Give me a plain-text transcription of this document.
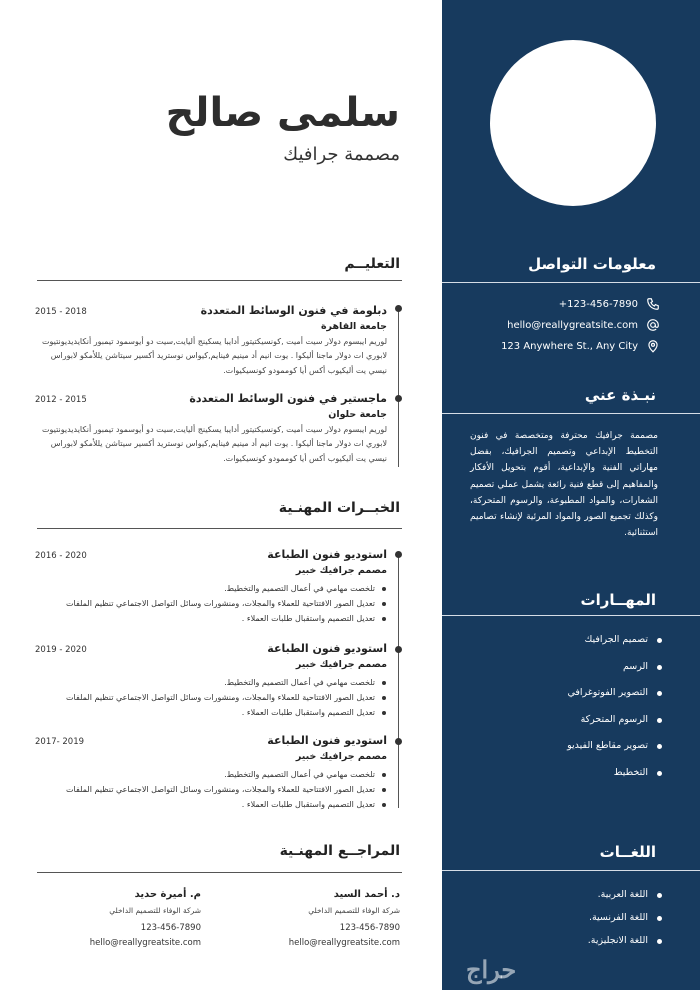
معلومات التواصل
+123-456-7890
hello@reallygreatsite.com
123 Anywhere St., Any City
نبـذة عني

مصممة جرافيك محترفة ومتخصصة في فنون التخطيط الإبداعي وتصميم الجرافيك، بفضل مهاراتي الفنية والإبداعية، أقوم بتحويل الأفكار والمفاهيم إلى قطع فنية رائعة يشمل عملي تصميم الشعارات، والمواد المطبوعة، والرسوم المتحركة، وكذلك تجميع الصور والمواد المرئية لإنشاء تصاميم استثنائية.

المهــارات
تصميم الجرافيك
الرسم
التصوير الفوتوغرافي
الرسوم المتحركة
تصوير مقاطع الفيديو
التخطيط
اللغــات
اللغة العربية.
اللغة الفرنسية.
اللغة الانجليزية.
حراج
سلمى صالح
مصممة جرافيك
التعليــم
دبلومة في فنون الوسائط المتعددة
2015 - 2018
جامعة القاهرة

لوريم ايبسوم دولار سيت أميت ,كونسيكتيتور أدايبا يسكينج أليايت,سيت دو أيوسمود تيمبور أنكايديديونتيوت لابوري ات دولار ماجنا أليكوا . يوت انيم أد مينيم فينايم,كيواس نوستريد أكسير سيتاشن يللأمكو لابوراس نيسي يت أليكيوب أكس أيا كوممودو كونسيكيوات.

ماجستير في فنون الوسائط المتعددة
2012 - 2015
جامعة حلوان

لوريم ايبسوم دولار سيت أميت ,كونسيكتيتور أدايبا يسكينج أليايت,سيت دو أيوسمود تيمبور أنكايديديونتيوت لابوري ات دولار ماجنا أليكوا . يوت انيم أد مينيم فينايم,كيواس نوستريد أكسير سيتاشن يللأمكو لابوراس نيسي يت أليكيوب أكس أيا كوممودو كونسيكيوات.

الخبــرات المهنـية
استوديو فنون الطباعة
2016 - 2020
مصمم جرافيك خبير
تلخصت مهامي في أعمال التصميم والتخطيط.
تعديل الصور الافتتاحية للعملاء والمجلات، ومنشورات وسائل التواصل الاجتماعي تنظيم الملفات
تعديل التصميم واستقبال طلبات العملاء .
استوديو فنون الطباعة
2019 - 2020
مصمم جرافيك خبير
تلخصت مهامي في أعمال التصميم والتخطيط.
تعديل الصور الافتتاحية للعملاء والمجلات، ومنشورات وسائل التواصل الاجتماعي تنظيم الملفات
تعديل التصميم واستقبال طلبات العملاء .
استوديو فنون الطباعة
2017- 2019
مصمم جرافيك خبير
تلخصت مهامي في أعمال التصميم والتخطيط.
تعديل الصور الافتتاحية للعملاء والمجلات، ومنشورات وسائل التواصل الاجتماعي تنظيم الملفات
تعديل التصميم واستقبال طلبات العملاء .
المراجــع المهنـية
د. أحمد السيد
شركة الوفاء للتصميم الداخلي
123-456-7890
hello@reallygreatsite.com
م. أميرة حديد
شركة الوفاء للتصميم الداخلي
123-456-7890
hello@reallygreatsite.com
